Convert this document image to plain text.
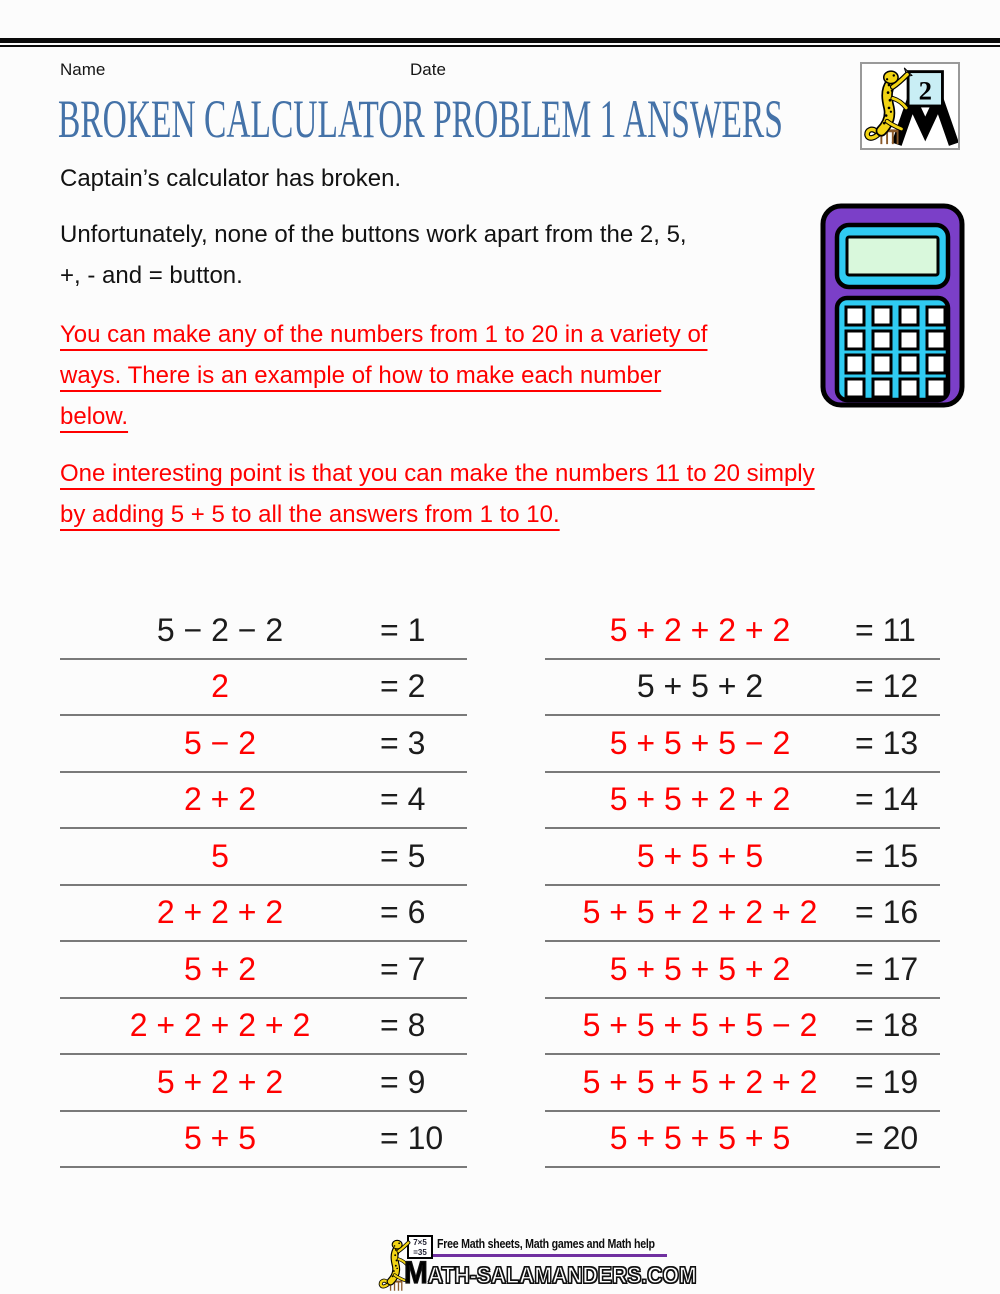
Name	Date
2
BROKEN CALCULATOR PROBLEM 1 ANSWERS
Captain’s calculator has broken.
Unfortunately, none of the buttons work apart from the 2, 5,
+, - and = button.
You can make any of the numbers from 1 to 20 in a variety of
ways. There is an example of how to make each number
below.
One interesting point is that you can make the numbers 11 to 20 simply
by adding 5 + 5 to all the answers from 1 to 10.
5 − 2 − 2	= 1
2	= 2
5 − 2	= 3
2 + 2	= 4
5	= 5
2 + 2 + 2	= 6
5 + 2	= 7
2 + 2 + 2 + 2	= 8
5 + 2 + 2	= 9
5 + 5	= 10
5 + 2 + 2 + 2	= 11
5 + 5 + 2	= 12
5 + 5 + 5 − 2	= 13
5 + 5 + 2 + 2	= 14
5 + 5 + 5	= 15
5 + 5 + 2 + 2 + 2	= 16
5 + 5 + 5 + 2	= 17
5 + 5 + 5 + 5 − 2	= 18
5 + 5 + 5 + 2 + 2	= 19
5 + 5 + 5 + 5	= 20
7×5
=35
Free Math sheets, Math games and Math help
MATH-SALAMANDERS.COM
